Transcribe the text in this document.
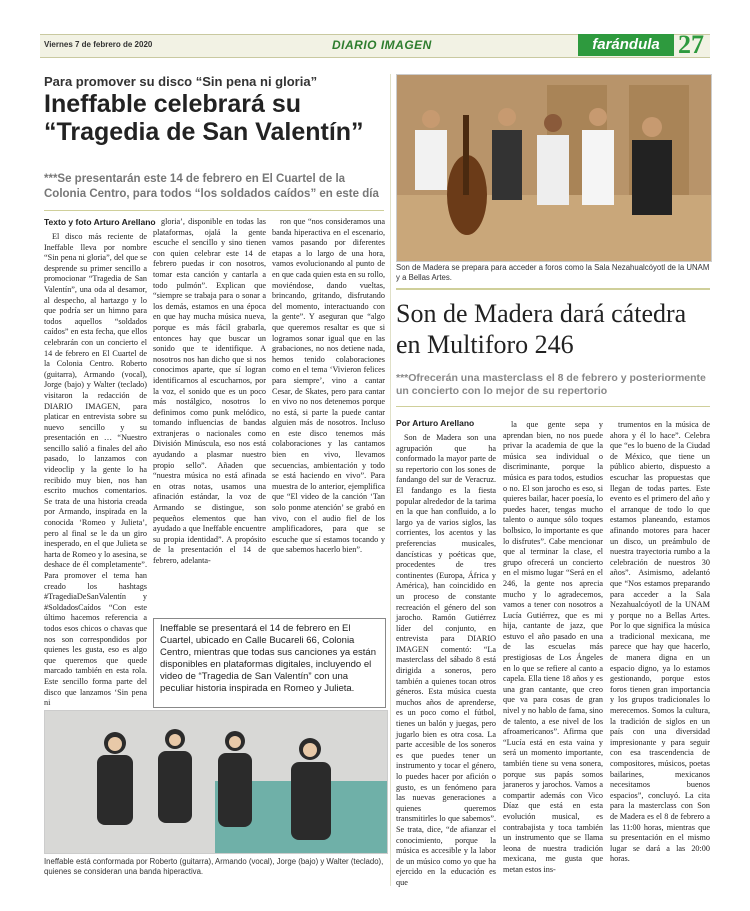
Viernes 7 de febrero de 2020	DIARIO IMAGEN	farándula 27
Para promover su disco “Sin pena ni gloria”
Ineffable celebrará su “Tragedia de San Valentín”
***Se presentarán este 14 de febrero en El Cuartel de la Colonia Centro, para todos “los soldados caídos” en este día
Texto y foto Arturo Arellano

El disco más reciente de Ineffable lleva por nombre “Sin pena ni gloria”, del que se desprende su primer sencillo a promocionar “Tragedia de San Valentín”, una oda al desamor, al despecho, al hartazgo y lo que podría ser un himno para todos aquellos “soldados caídos” en esta fecha, que ellos celebrarán con un concierto el 14 de febrero en El Cuartel de la Colonia Centro. Roberto (guitarra), Armando (vocal), Jorge (bajo) y Walter (teclado) visitaron la redacción de DIARIO IMAGEN, para platicar en entrevista sobre su nuevo sencillo y su presentación en … “Nuestro sencillo salió a finales del año pasado, lo lanzamos con videoclip y la gente lo ha recibido muy bien, nos han escrito muchos comentarios. Se trata de una historia creada por Armando, inspirada en la conocida ‘Romeo y Julieta’, pero al final se le da un giro inesperado, en el que Julieta se harta de Romeo y lo asesina, se deshace de él completamente”. Para promover el tema han creado los hashtags #TragediaDeSanValentín y #SoldadosCaídos “Con este último hacemos referencia a todos esos chicos o chavas que nos son correspondidos por quienes les gusta, eso es algo que queremos que quede marcado también en esta rola. Este sencillo forma parte del disco que lanzamos ‘Sin pena ni

gloria’, disponible en todas las plataformas, ojalá la gente escuche el sencillo y sino tienen con quien celebrar este 14 de febrero puedas ir con nosotros, tomar esta canción y cantarla a todo pulmón”. Explican que “siempre se trabaja para o sonar a los demás, estamos en una época en que hay mucha música nueva, porque es más fácil grabarla, entonces hay que buscar un sonido que te identifique. A nosotros nos han dicho que si nos conocimos aparte, que sí logran identificarnos al escucharnos, por la voz, el sonido que es un poco más nostálgico, nosotros lo definimos como punk melódico, tomando influencias de bandas extranjeras o nacionales como División Minúscula, eso nos está ayudando a plasmar nuestro propio sello”. Añaden que “nuestra música no está afinada en otras notas, usamos una afinación estándar, la voz de Armando se distingue, son pequeños elementos que han ayudado a que Ineffable encuentre su propia identidad”. A propósito de la presentación el 14 de febrero, adelanta-

ron que “nos consideramos una banda hiperactiva en el escenario, vamos pasando por diferentes etapas a lo largo de una hora, vamos evolucionando al punto de en que cada quien esta en su rollo, moviéndose, dando vueltas, brincando, gritando, disfrutando del momento, interactuando con la gente”. Y aseguran que “algo que queremos resaltar es que si logramos sonar igual que en las grabaciones, no nos detiene nada, hemos tenido colaboraciones como en el tema ‘Vivieron felices para siempre’, vino a cantar Cesar, de Skates, pero para cantar en vivo no nos detenemos porque no está, si parte la puede cantar alguien más de nosotros. Incluso en este disco tenemos más colaboraciones y las cantamos bien en vivo, llevamos secuencias, ambientación y todo se está haciendo en vivo”. Para muestra de lo anterior, ejemplifica que “El video de la canción ‘Tan solo ponme atención’ se grabó en vivo, con el audio fiel de los amplificadores, para que se escuche que sí estamos tocando y que sabemos hacerlo bien”.

Ineffable se presentará el 14 de febrero en El Cuartel, ubicado en Calle Bucareli 66, Colonia Centro, mientras que todas sus canciones ya están disponibles en plataformas digitales, incluyendo el video de “Tragedia de San Valentín” con una peculiar historia inspirada en Romeo y Julieta.
Ineffable está conformada por Roberto (guitarra), Armando (vocal), Jorge (bajo) y Walter (teclado), quienes se consideran una banda hiperactiva.
Son de Madera se prepara para acceder a foros como la Sala Nezahualcóyotl de la UNAM y a Bellas Artes.
Son de Madera dará cátedra en Multiforo 246
***Ofrecerán una masterclass el 8 de febrero y posteriormente un concierto con lo mejor de su repertorio
Por Arturo Arellano

Son de Madera son una agrupación que ha conformado la mayor parte de su repertorio con los sones de fandango del sur de Veracruz. El fandango es la fiesta popular alrededor de la tarima en la que han confluido, a lo largo ya de varios siglos, las corrientes, los acentos y las preferencias musicales, dancísticas y poéticas que, procedentes de tres continentes (Europa, África y América), han coincidido en un proceso de constante recreación el género del son jarocho. Ramón Gutiérrez líder del conjunto, en entrevista para DIARIO IMAGEN comentó: “La masterclass del sábado 8 está dirigida a soneros, pero también a quienes tocan otros géneros. Esta música cuesta muchos años de aprenderse, es un poco como el fútbol, tienes un balón y juegas, pero jugarlo bien es otra cosa. La parte accesible de los soneros es que puedes tener un instrumento y tocar el género, lo puedes hacer por afición o gusto, es un fenómeno para las nuevas generaciones a quienes queremos transmitirles lo que sabemos”. Se trata, dice, “de afianzar el conocimiento, porque la música es accesible y la labor de un músico como yo que ha ejercido en la educación es que

la que gente sepa y aprendan bien, no nos puede privar la academia de que la música sea individual o discriminante, porque la música es para todos, estudios o no. El son jarocho es eso, si quieres bailar, hacer poesía, lo puedes hacer, tengas mucho talento o aunque sólo toques bolbsico, lo importante es que lo disfrutes”. Cabe mencionar que al terminar la clase, el grupo ofrecerá un concierto en el mismo lugar “Será en el 246, la gente nos aprecia mucho y lo agradecemos, vamos a tener con nosotros a Lucía Gutiérrez, que es mi hija, cantante de jazz, que estuvo el año pasado en una de las escuelas más prestigiosas de Los Ángeles en lo que se refiere al canto a capela. Ella tiene 18 años y es una gran cantante, que creo que va para cosas de gran nivel y no hablo de fama, sino de talento, a ese nivel de los afroamericanos”. Afirma que “Lucía está en esta vaina y será un momento importante, también tiene su vena sonera, porque sus papás somos jaraneros y jarochos. Vamos a compartir además con Vico Díaz que está en esta evolución musical, es contrabajista y toca también un instrumento que se llama leona de nuestra tradición mexicana, me gusta que metan estos ins-

trumentos en la música de ahora y él lo hace”. Celebra que “es lo bueno de la Ciudad de México, que tiene un público abierto, dispuesto a escuchar las propuestas que llegan de todas partes. Este evento es el primero del año y el arranque de todo lo que estamos planeando, estamos afinando motores para hacer un disco, un preámbulo de nuestra trayectoria rumbo a la celebración de nuestros 30 años”. Asimismo, adelantó que “Nos estamos preparando para acceder a la Sala Nezahualcóyotl de la UNAM y porque no a Bellas Artes. Por lo que significa la música a tradicional mexicana, me parece que hay que hacerlo, de manera digna en un espacio digno, ya lo estamos gestionando, porque estos foros tienen gran importancia y los grupos tradicionales lo merecemos. Somos la cultura, la tradición de siglos en un país con una diversidad impresionante y para seguir con esa trascendencia de compositores, músicos, poetas bailarines, mexicanos necesitamos buenos espacios”, concluyó. La cita para la masterclass con Son de Madera es el 8 de febrero a las 11:00 horas, mientras que su presentación en el mismo lugar se dará a las 20:00 horas.
